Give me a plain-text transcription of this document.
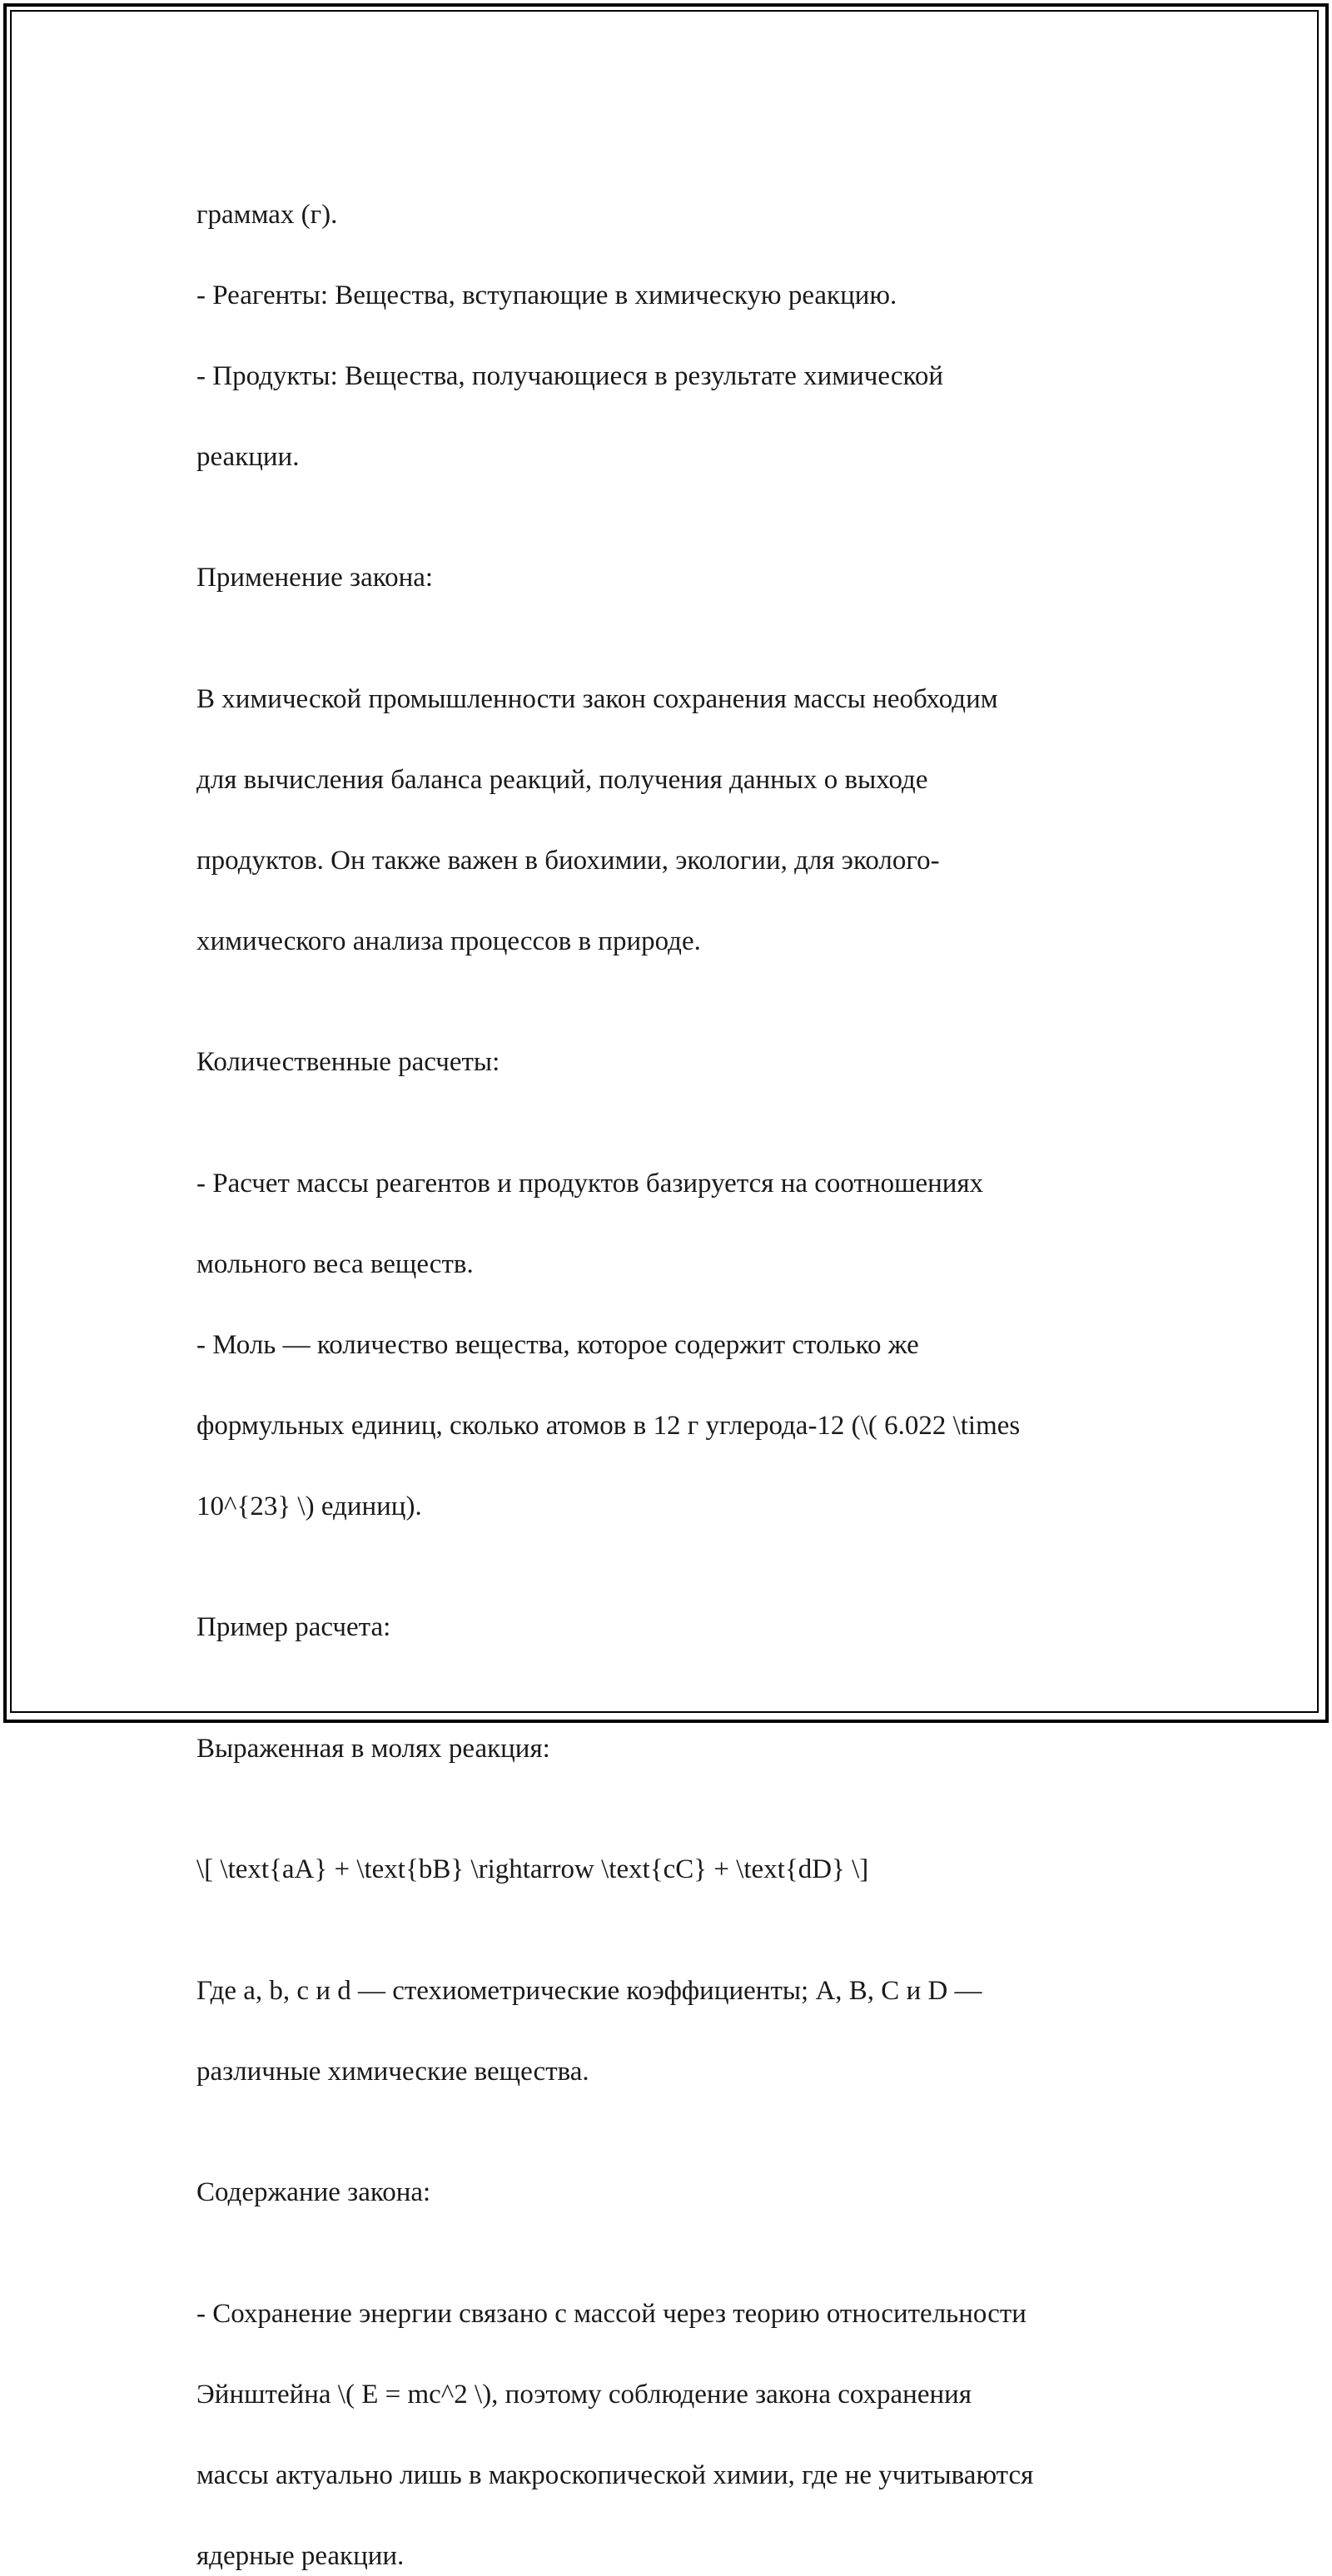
граммах (г).

- Реагенты: Вещества, вступающие в химическую реакцию.

- Продукты: Вещества, получающиеся в результате химической

реакции.

Применение закона:

В химической промышленности закон сохранения массы необходим

для вычисления баланса реакций, получения данных о выходе

продуктов. Он также важен в биохимии, экологии, для эколого-

химического анализа процессов в природе.

Количественные расчеты:

- Расчет массы реагентов и продуктов базируется на соотношениях

мольного веса веществ.

- Моль — количество вещества, которое содержит столько же

формульных единиц, сколько атомов в 12 г углерода-12 (\( 6.022 \times

10^{23} \) единиц).

Пример расчета:

Выраженная в молях реакция:

\[ \text{aA} + \text{bB} \rightarrow \text{cC} + \text{dD} \]

Где a, b, c и d — стехиометрические коэффициенты; A, B, C и D —

различные химические вещества.

Содержание закона:

- Сохранение энергии связано с массой через теорию относительности

Эйнштейна \( E = mc^2 \), поэтому соблюдение закона сохранения

массы актуально лишь в макроскопической химии, где не учитываются

ядерные реакции.
